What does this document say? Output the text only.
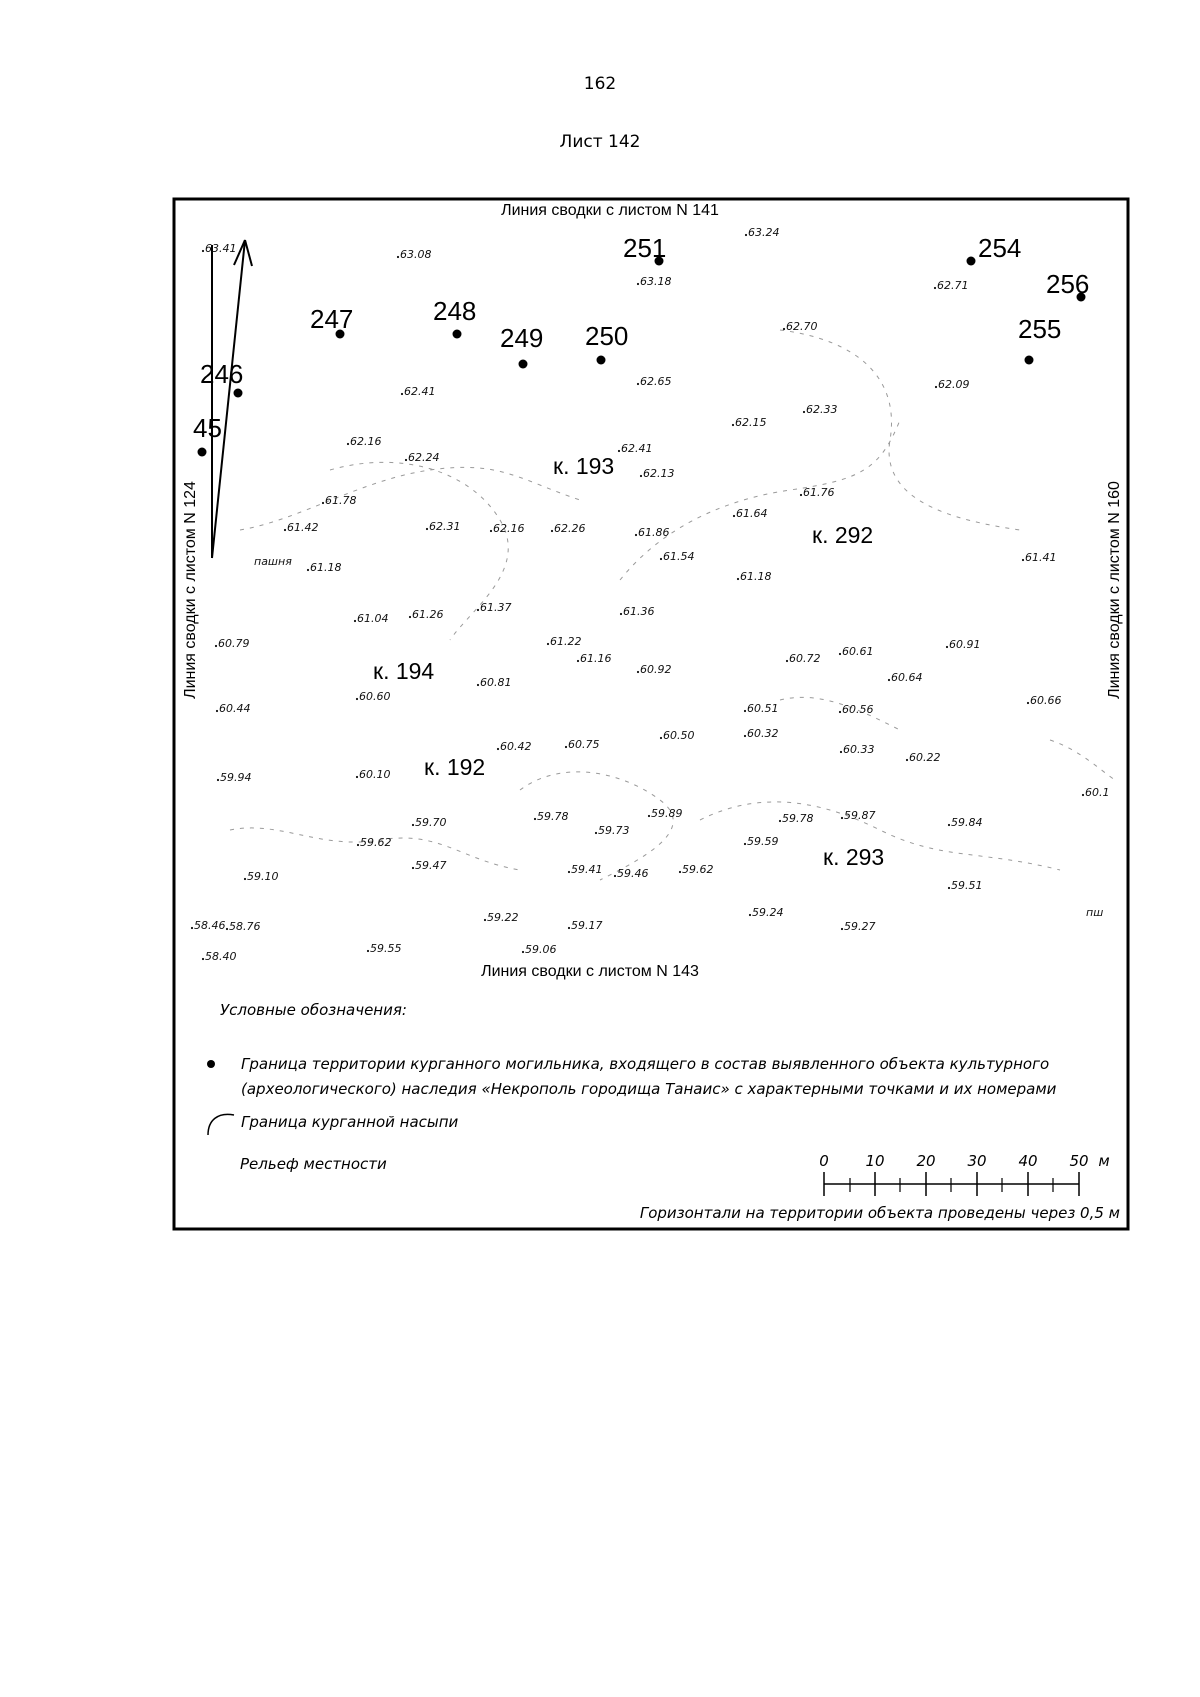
162
Лист 142
Линия сводки с листом N 141
Линия сводки с листом N 143
Линия сводки с листом N 124	Линия сводки с листом N 160
пашня
пш
45
246
247	248
249 250
251	254
255
256
к. 192
к. 193
к. 194
к. 292
к. 293
63.41	63.08
63.24
63.18	62.71
62.70
62.41
62.65	62.09
62.33
62.15
62.16
62.24
62.41
62.13
61.76
61.78
61.64
61.42	62.31	62.16	62.26	61.86
61.54	61.41
61.18
61.18
61.04 61.26
61.37	61.36
60.79	61.22
61.16
60.92
60.72
60.61
60.91
60.64
60.60
60.81
60.44	60.51	60.56
60.66
60.42	60.75
60.50	60.32
60.33
60.22
59.94	60.10
60.1
59.70	59.78
59.73
59.89	59.78	59.87
59.84
59.62	59.59
59.10
59.47	59.41 59.46	59.62
59.51
59.24
58.46 58.76
59.22
59.17	59.27
58.40
59.55	59.06
Условные обозначения:
Граница территории курганного могильника, входящего в состав выявленного объекта культурного
(археологического) наследия «Некрополь городища Танаис» с характерными точками и их номерами
Граница курганной насыпи
Рельеф местности	0 10 20 30 40 50 м
Горизонтали на территории объекта проведены через 0,5 м
